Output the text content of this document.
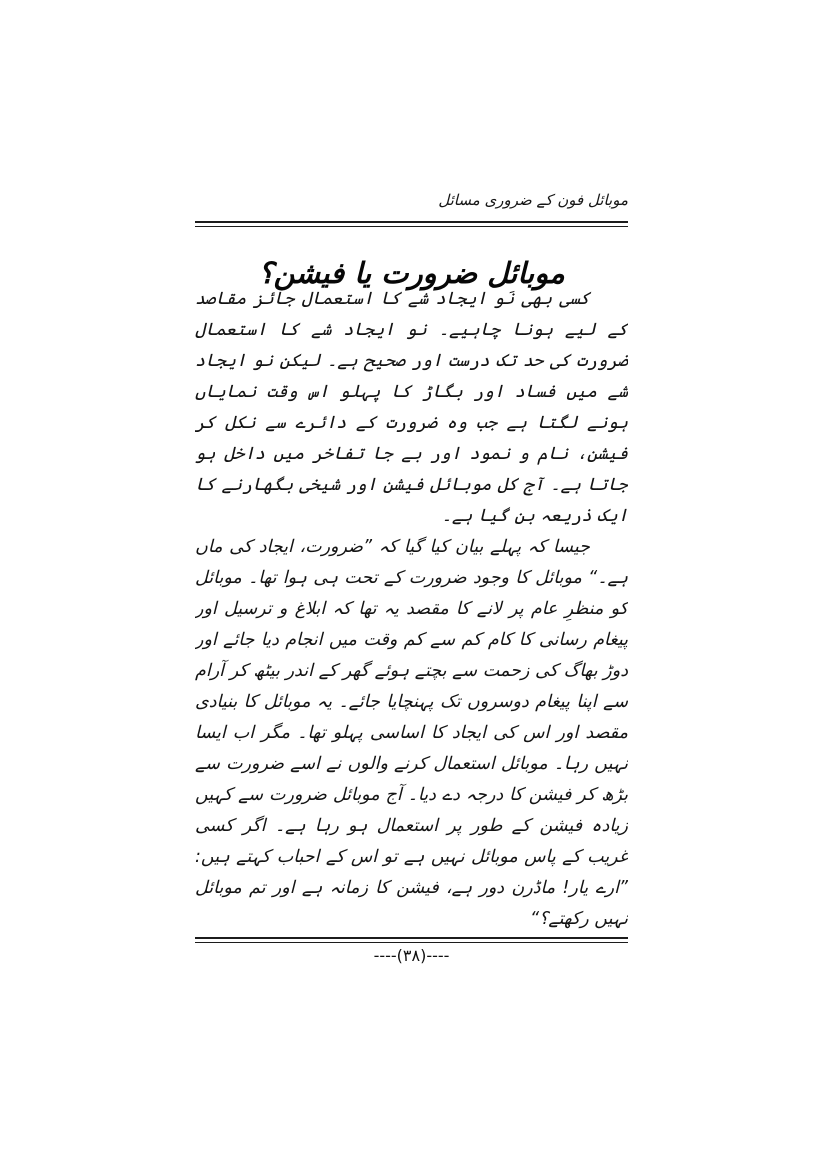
موبائل فون کے ضروری مسائل
موبائل ضرورت یا فیشن؟

کسی بھی نَو ایجاد شے کا استعمال جائز مقاصد کے لیے ہونا چاہیے۔ نو ایجاد شے کا استعمال ضرورت کی حد تک درست اور صحیح ہے۔ لیکن نو ایجاد شے میں فساد اور بگاڑ کا پہلو اس وقت نمایاں ہونے لگتا ہے جب وہ ضرورت کے دائرے سے نکل کر فیشن، نام و نمود اور بے جا تفاخر میں داخل ہو جاتا ہے۔ آج کل موبائل فیشن اور شیخی بگھارنے کا ایک ذریعہ بن گیا ہے۔

جیسا کہ پہلے بیان کیا گیا کہ ”ضرورت، ایجاد کی ماں ہے۔“ موبائل کا وجود ضرورت کے تحت ہی ہوا تھا۔ موبائل کو منظرِ عام پر لانے کا مقصد یہ تھا کہ ابلاغ و ترسیل اور پیغام رسانی کا کام کم سے کم وقت میں انجام دیا جائے اور دوڑ بھاگ کی زحمت سے بچتے ہوئے گھر کے اندر بیٹھ کر آرام سے اپنا پیغام دوسروں تک پہنچایا جائے۔ یہ موبائل کا بنیادی مقصد اور اس کی ایجاد کا اساسی پہلو تھا۔ مگر اب ایسا نہیں رہا۔ موبائل استعمال کرنے والوں نے اسے ضرورت سے بڑھ کر فیشن کا درجہ دے دیا۔ آج موبائل ضرورت سے کہیں زیادہ فیشن کے طور پر استعمال ہو رہا ہے۔ اگر کسی غریب کے پاس موبائل نہیں ہے تو اس کے احباب کہتے ہیں: ”ارے یار! ماڈرن دور ہے، فیشن کا زمانہ ہے اور تم موبائل نہیں رکھتے؟“

----(۳۸)----
